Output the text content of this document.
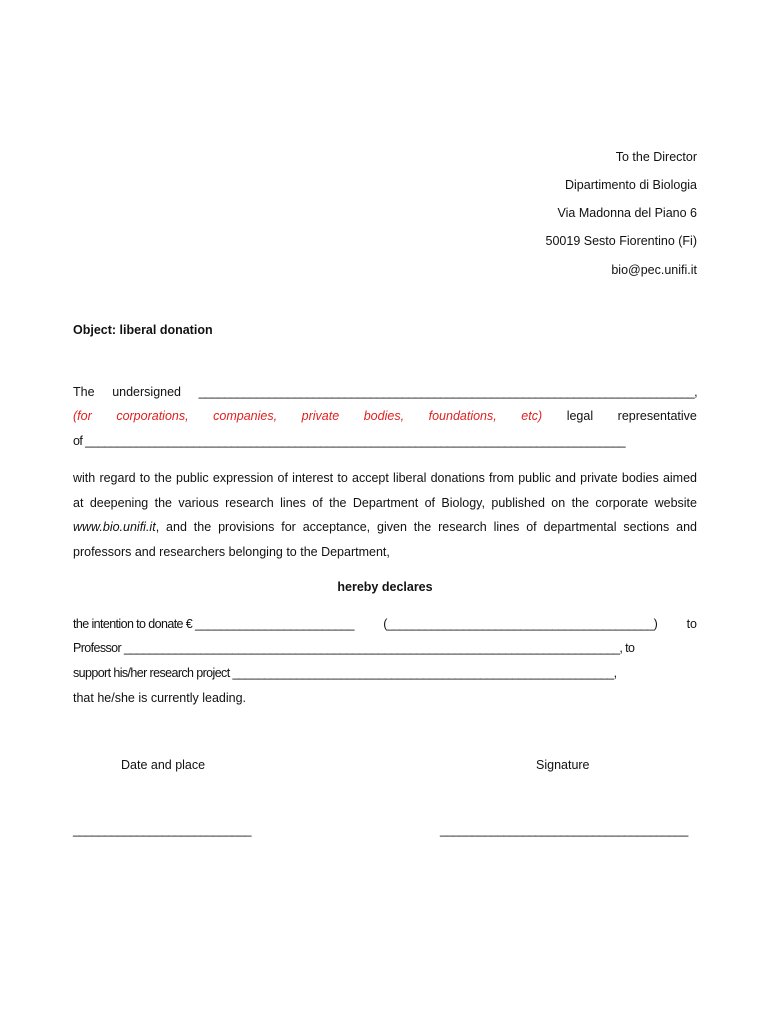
To the Director
Dipartimento di Biologia
Via Madonna del Piano 6
50019 Sesto Fiorentino (Fi)
bio@pec.unifi.it
Object: liberal donation
The undersigned ______________________________________________________________________________,
(for corporations, companies, private bodies, foundations, etc) legal representative
of _____________________________________________________________________________________
with regard to the public expression of interest to accept liberal donations from public and private bodies aimed at deepening the various research lines of the Department of Biology, published on the corporate website www.bio.unifi.it, and the provisions for acceptance, given the research lines of departmental sections and professors and researchers belonging to the Department,
hereby declares
the intention to donate € _________________________ (__________________________________________) to
Professor ______________________________________________________________________________, to
support his/her research project ____________________________________________________________,
that he/she is currently leading.
Date and place	Signature
____________________________	_______________________________________
